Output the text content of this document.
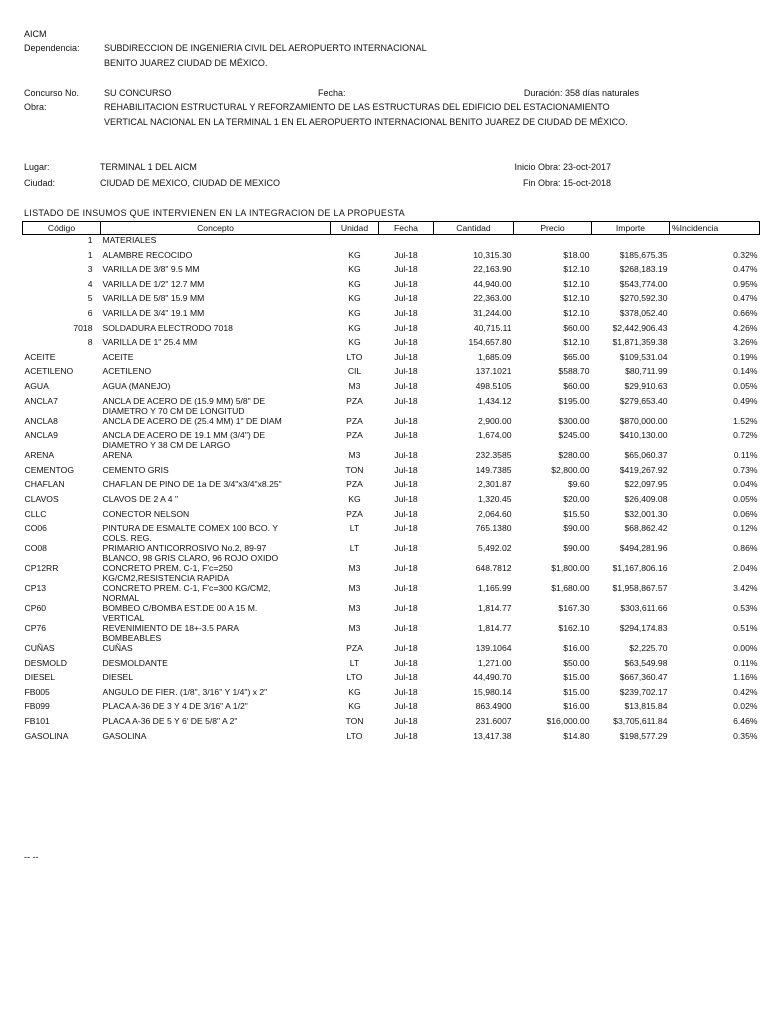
AICM
Dependencia:	SUBDIRECCION DE INGENIERIA CIVIL DEL AEROPUERTO INTERNACIONAL
BENITO JUAREZ CIUDAD DE MÉXICO.
Concurso No.	SU CONCURSO	Fecha:	Duración: 358 días naturales
Obra:	REHABILITACION ESTRUCTURAL Y REFORZAMIENTO DE LAS ESTRUCTURAS DEL EDIFICIO DEL ESTACIONAMIENTO
VERTICAL NACIONAL EN LA TERMINAL 1 EN EL AEROPUERTO INTERNACIONAL BENITO JUAREZ DE CIUDAD DE MÉXICO.
Lugar:	TERMINAL 1 DEL AICM	Inicio Obra: 23-oct-2017
Ciudad:	CIUDAD DE MEXICO, CIUDAD DE MEXICO	Fin Obra: 15-oct-2018
LISTADO DE INSUMOS QUE INTERVIENEN EN LA INTEGRACION DE LA PROPUESTA
Código	Concepto	Unidad	Fecha	Cantidad	Precio	Importe	%Incidencia
1	MATERIALES						

1	ALAMBRE RECOCIDO	KG	Jul-18	10,315.30	$18.00	$185,675.35	0.32%
3	VARILLA DE 3/8" 9.5 MM	KG	Jul-18	22,163.90	$12.10	$268,183.19	0.47%
4	VARILLA DE 1/2" 12.7 MM	KG	Jul-18	44,940.00	$12.10	$543,774.00	0.95%
5	VARILLA DE 5/8" 15.9 MM	KG	Jul-18	22,363.00	$12.10	$270,592.30	0.47%
6	VARILLA DE 3/4" 19.1 MM	KG	Jul-18	31,244.00	$12.10	$378,052.40	0.66%
7018	SOLDADURA ELECTRODO 7018	KG	Jul-18	40,715.11	$60.00	$2,442,906.43	4.26%
8	VARILLA DE 1" 25.4 MM	KG	Jul-18	154,657.80	$12.10	$1,871,359.38	3.26%
ACEITE	ACEITE	LTO	Jul-18	1,685.09	$65.00	$109,531.04	0.19%
ACETILENO	ACETILENO	CIL	Jul-18	137.1021	$588.70	$80,711.99	0.14%
AGUA	AGUA (MANEJO)	M3	Jul-18	498.5105	$60.00	$29,910.63	0.05%
ANCLA7	ANCLA DE ACERO DE (15.9 MM) 5/8" DE
DIAMETRO Y 70 CM DE LONGITUD	PZA	Jul-18	1,434.12	$195.00	$279,653.40	0.49%
ANCLA8	ANCLA DE ACERO DE (25.4 MM) 1" DE DIAM	PZA	Jul-18	2,900.00	$300.00	$870,000.00	1.52%
ANCLA9	ANCLA DE ACERO DE 19.1 MM (3/4") DE
DIAMETRO Y 38 CM DE LARGO	PZA	Jul-18	1,674.00	$245.00	$410,130.00	0.72%
ARENA	ARENA	M3	Jul-18	232.3585	$280.00	$65,060.37	0.11%
CEMENTOG	CEMENTO GRIS	TON	Jul-18	149.7385	$2,800.00	$419,267.92	0.73%
CHAFLAN	CHAFLAN DE PINO DE 1a DE 3/4"x3/4"x8.25"	PZA	Jul-18	2,301.87	$9.60	$22,097.95	0.04%
CLAVOS	CLAVOS DE 2 A 4 "	KG	Jul-18	1,320.45	$20.00	$26,409.08	0.05%
CLLC	CONECTOR NELSON	PZA	Jul-18	2,064.60	$15.50	$32,001.30	0.06%
CO06	PINTURA DE ESMALTE COMEX 100 BCO. Y
COLS. REG.	LT	Jul-18	765.1380	$90.00	$68,862.42	0.12%
CO08	PRIMARIO ANTICORROSIVO No.2, 89-97
BLANCO, 98 GRIS CLARO, 96 ROJO OXIDO	LT	Jul-18	5,492.02	$90.00	$494,281.96	0.86%
CP12RR	CONCRETO PREM. C-1, F'c=250
KG/CM2,RESISTENCIA RAPIDA	M3	Jul-18	648.7812	$1,800.00	$1,167,806.16	2.04%
CP13	CONCRETO PREM. C-1, F'c=300 KG/CM2,
NORMAL	M3	Jul-18	1,165.99	$1,680.00	$1,958,867.57	3.42%
CP60	BOMBEO C/BOMBA EST.DE 00 A 15 M.
VERTICAL	M3	Jul-18	1,814.77	$167.30	$303,611.66	0.53%
CP76	REVENIMIENTO DE 18+-3.5 PARA
BOMBEABLES	M3	Jul-18	1,814.77	$162.10	$294,174.83	0.51%
CUÑAS	CUÑAS	PZA	Jul-18	139.1064	$16.00	$2,225.70	0.00%
DESMOLD	DESMOLDANTE	LT	Jul-18	1,271.00	$50.00	$63,549.98	0.11%
DIESEL	DIESEL	LTO	Jul-18	44,490.70	$15.00	$667,360.47	1.16%
FB005	ANGULO DE FIER. (1/8", 3/16" Y 1/4") x 2"	KG	Jul-18	15,980.14	$15.00	$239,702.17	0.42%
FB099	PLACA A-36 DE 3 Y 4 DE 3/16" A 1/2"	KG	Jul-18	863.4900	$16.00	$13,815.84	0.02%
FB101	PLACA A-36 DE 5 Y 6' DE 5/8" A 2"	TON	Jul-18	231.6007	$16,000.00	$3,705,611.84	6.46%
GASOLINA	GASOLINA	LTO	Jul-18	13,417.38	$14.80	$198,577.29	0.35%
-- --
